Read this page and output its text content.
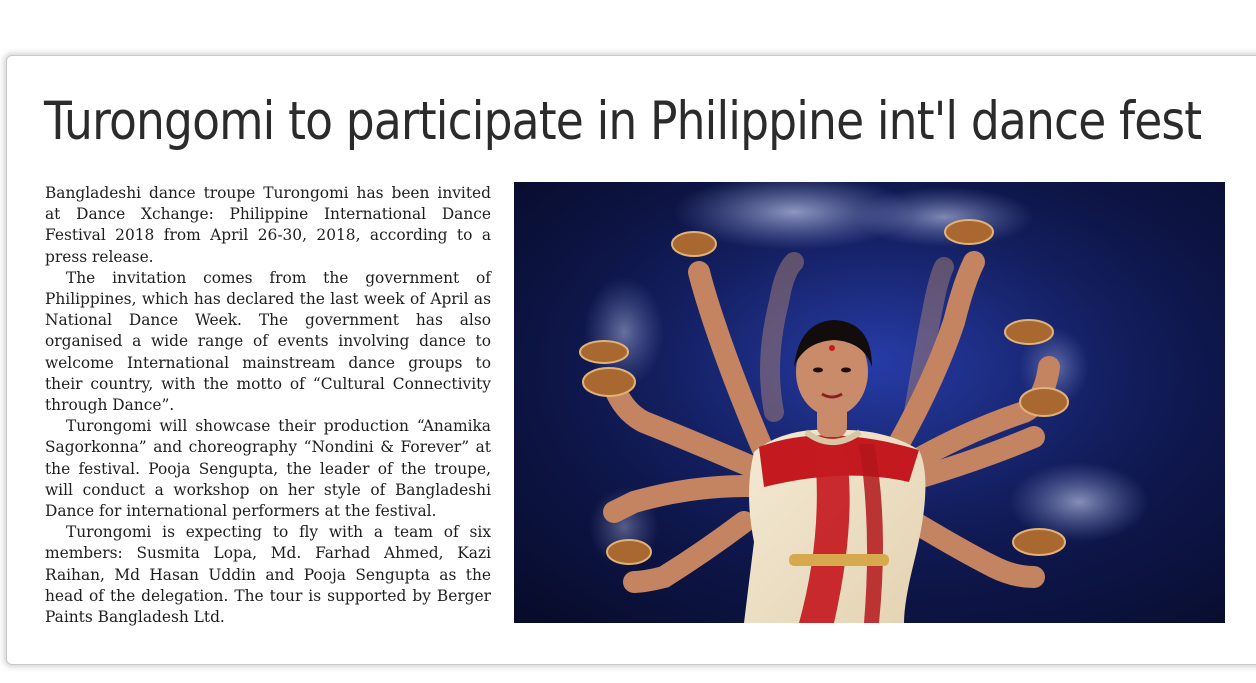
Turongomi to participate in Philippine int'l dance fest

Bangladeshi dance troupe Turongomi has been invited at Dance Xchange: Philippine International Dance Festival 2018 from April 26-30, 2018, according to a press release.

The invitation comes from the government of Philippines, which has declared the last week of April as National Dance Week. The government has also organised a wide range of events involving dance to welcome International mainstream dance groups to their country, with the motto of “Cultural Connectivity through Dance”.

Turongomi will showcase their production “Anamika Sagorkonna” and choreography “Nondini & Forever” at the festival. Pooja Sengupta, the leader of the troupe, will conduct a workshop on her style of Bangladeshi Dance for international performers at the festival.

Turongomi is expecting to fly with a team of six members: Susmita Lopa, Md. Farhad Ahmed, Kazi Raihan, Md Hasan Uddin and Pooja Sengupta as the head of the delegation. The tour is supported by Berger Paints Bangladesh Ltd.
